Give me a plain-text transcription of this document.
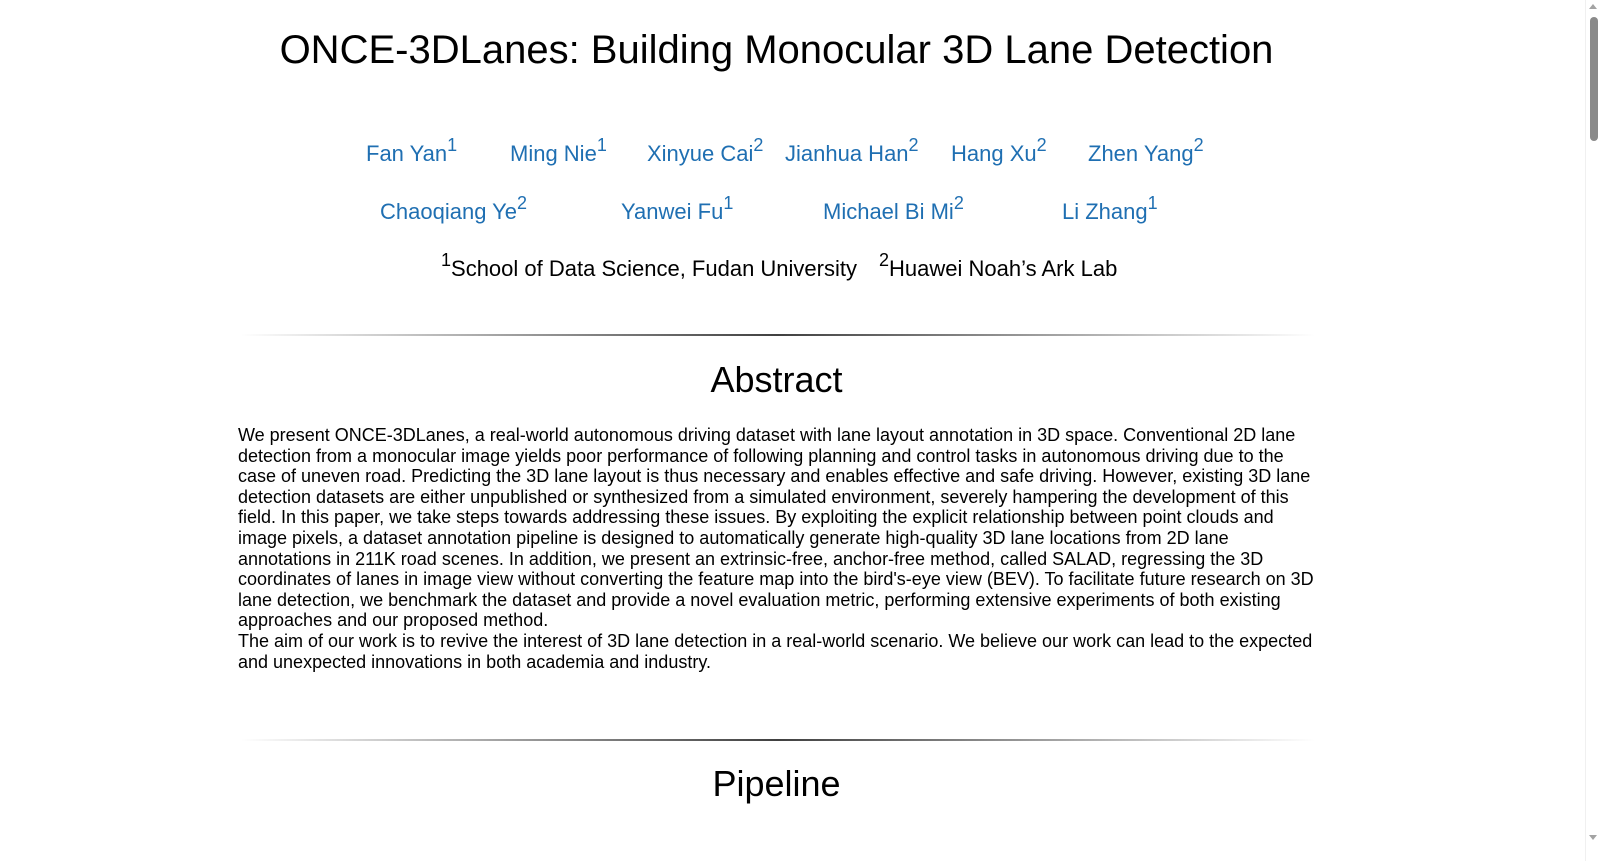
ONCE-3DLanes: Building Monocular 3D Lane Detection
Fan Yan$^1$ Ming Nie$^1$ Xinyue Cai$^2$ Jianhua Han$^2$ Hang Xu$^2$ Zhen Yang$^2$
Chaoqiang Ye$^2$	Yanwei Fu$^1$	Michael Bi Mi$^2$	Li Zhang$^1$
$^1$School of Data Science, Fudan University $^2$Huawei Noah’s Ark Lab
Abstract

We present ONCE-3DLanes, a real-world autonomous driving dataset with lane layout annotation in 3D space. Conventional 2D lane detection from a monocular image yields poor performance of following planning and control tasks in autonomous driving due to the case of uneven road. Predicting the 3D lane layout is thus necessary and enables effective and safe driving. However, existing 3D lane detection datasets are either unpublished or synthesized from a simulated environment, severely hampering the development of this field. In this paper, we take steps towards addressing these issues. By exploiting the explicit relationship between point clouds and image pixels, a dataset annotation pipeline is designed to automatically generate high-quality 3D lane locations from 2D lane annotations in 211K road scenes. In addition, we present an extrinsic-free, anchor-free method, called SALAD, regressing the 3D coordinates of lanes in image view without converting the feature map into the bird's-eye view (BEV). To facilitate future research on 3D lane detection, we benchmark the dataset and provide a novel evaluation metric, performing extensive experiments of both existing approaches and our proposed method.

The aim of our work is to revive the interest of 3D lane detection in a real-world scenario. We believe our work can lead to the expected and unexpected innovations in both academia and industry.

Pipeline
